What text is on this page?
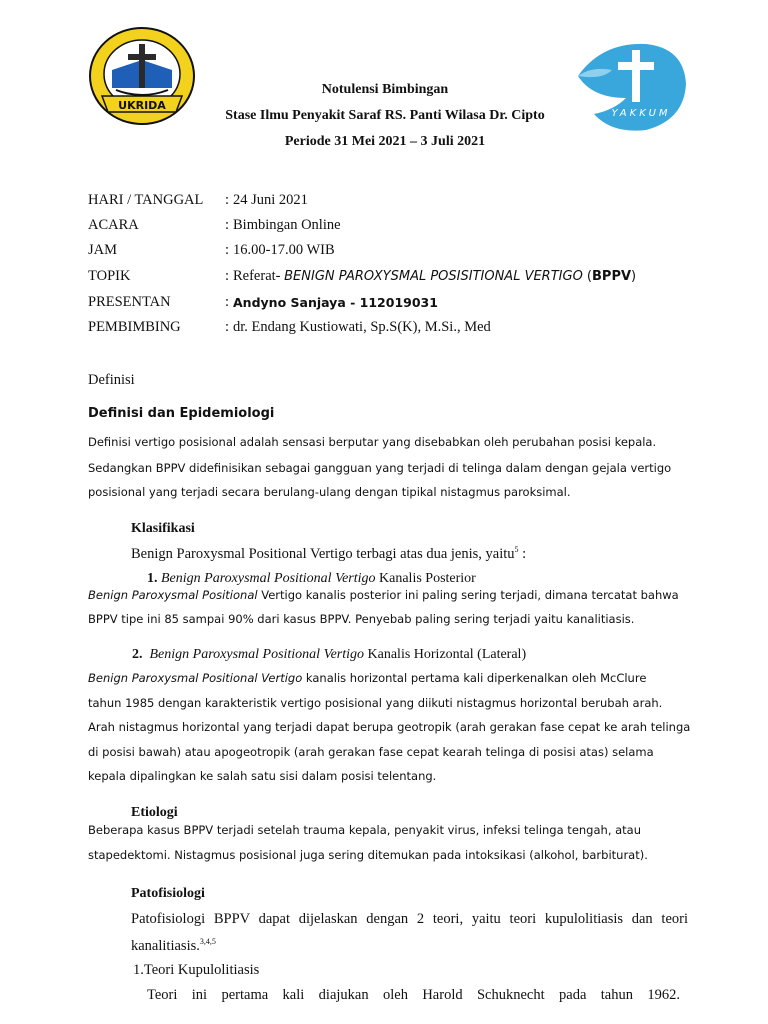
UKRIDA
YAKKUM
Notulensi Bimbingan
Stase Ilmu Penyakit Saraf RS. Panti Wilasa Dr. Cipto
Periode 31 Mei 2021 – 3 Juli 2021
HARI / TANGGAL : 24 Juni 2021
ACARA	: Bimbingan Online
JAM	: 16.00-17.00 WIB
TOPIK	: Referat- BENIGN PAROXYSMAL POSISITIONAL VERTIGO (BPPV)
PRESENTAN	: Andyno Sanjaya - 112019031
PEMBIMBING	: dr. Endang Kustiowati, Sp.S(K), M.Si., Med
Definisi
Definisi dan Epidemiologi
Definisi vertigo posisional adalah sensasi berputar yang disebabkan oleh perubahan posisi kepala.
Sedangkan BPPV didefinisikan sebagai gangguan yang terjadi di telinga dalam dengan gejala vertigo
posisional yang terjadi secara berulang-ulang dengan tipikal nistagmus paroksimal.
Klasifikasi
Benign Paroxysmal Positional Vertigo terbagi atas dua jenis, yaitu$^5$ :
1. Benign Paroxysmal Positional Vertigo Kanalis Posterior
Benign Paroxysmal Positional Vertigo kanalis posterior ini paling sering terjadi, dimana tercatat bahwa
BPPV tipe ini 85 sampai 90% dari kasus BPPV. Penyebab paling sering terjadi yaitu kanalitiasis.
2. Benign Paroxysmal Positional Vertigo Kanalis Horizontal (Lateral)
Benign Paroxysmal Positional Vertigo kanalis horizontal pertama kali diperkenalkan oleh McClure
tahun 1985 dengan karakteristik vertigo posisional yang diikuti nistagmus horizontal berubah arah.
Arah nistagmus horizontal yang terjadi dapat berupa geotropik (arah gerakan fase cepat ke arah telinga
di posisi bawah) atau apogeotropik (arah gerakan fase cepat kearah telinga di posisi atas) selama
kepala dipalingkan ke salah satu sisi dalam posisi telentang.
Etiologi
Beberapa kasus BPPV terjadi setelah trauma kepala, penyakit virus, infeksi telinga tengah, atau
stapedektomi. Nistagmus posisional juga sering ditemukan pada intoksikasi (alkohol, barbiturat).
Patofisiologi
Patofisiologi BPPV dapat dijelaskan dengan 2 teori, yaitu teori kupulolitiasis dan teori
kanalitiasis.$^{3,4,5}$
1.Teori Kupulolitiasis
Teori ini pertama kali diajukan oleh Harold Schuknecht pada tahun 1962.
